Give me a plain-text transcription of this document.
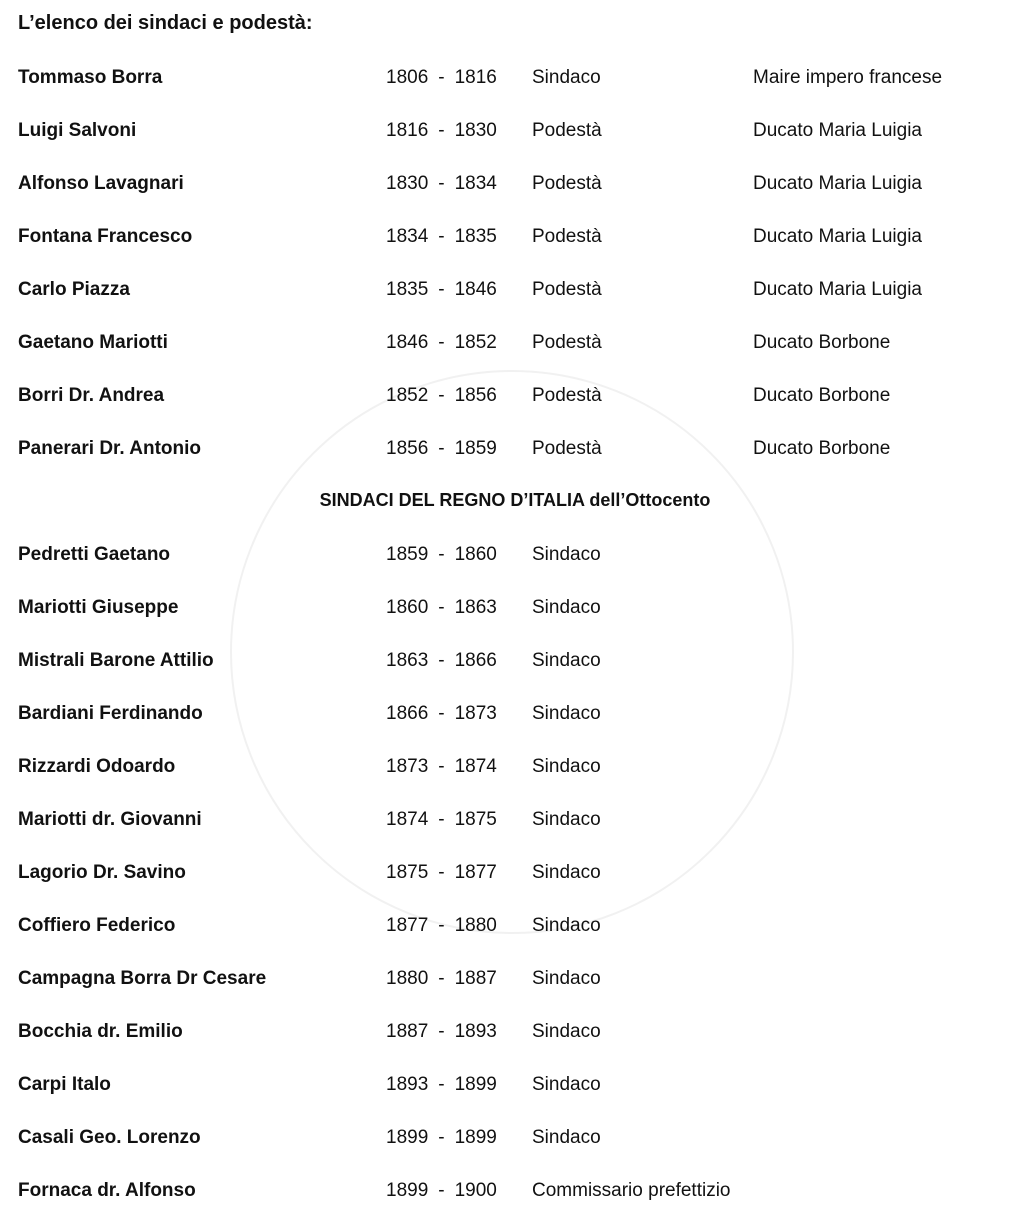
L’elenco dei sindaci e podestà:
Tommaso Borra	1806 - 1816 Sindaco	Maire impero francese
Luigi Salvoni	1816 - 1830 Podestà	Ducato Maria Luigia
Alfonso Lavagnari	1830 - 1834 Podestà	Ducato Maria Luigia
Fontana Francesco	1834 - 1835 Podestà	Ducato Maria Luigia
Carlo Piazza	1835 - 1846 Podestà	Ducato Maria Luigia
Gaetano Mariotti	1846 - 1852 Podestà	Ducato Borbone
Borri Dr. Andrea	1852 - 1856 Podestà	Ducato Borbone
Panerari Dr. Antonio	1856 - 1859 Podestà	Ducato Borbone
SINDACI DEL REGNO D’ITALIA dell’Ottocento
Pedretti Gaetano	1859 - 1860 Sindaco
Mariotti Giuseppe	1860 - 1863 Sindaco
Mistrali Barone Attilio	1863 - 1866 Sindaco
Bardiani Ferdinando	1866 - 1873 Sindaco
Rizzardi Odoardo	1873 - 1874 Sindaco
Mariotti dr. Giovanni	1874 - 1875 Sindaco
Lagorio Dr. Savino	1875 - 1877 Sindaco
Coffiero Federico	1877 - 1880 Sindaco
Campagna Borra Dr Cesare	1880 - 1887 Sindaco
Bocchia dr. Emilio	1887 - 1893 Sindaco
Carpi Italo	1893 - 1899 Sindaco
Casali Geo. Lorenzo	1899 - 1899 Sindaco
Fornaca dr. Alfonso	1899 - 1900 Commissario prefettizio
